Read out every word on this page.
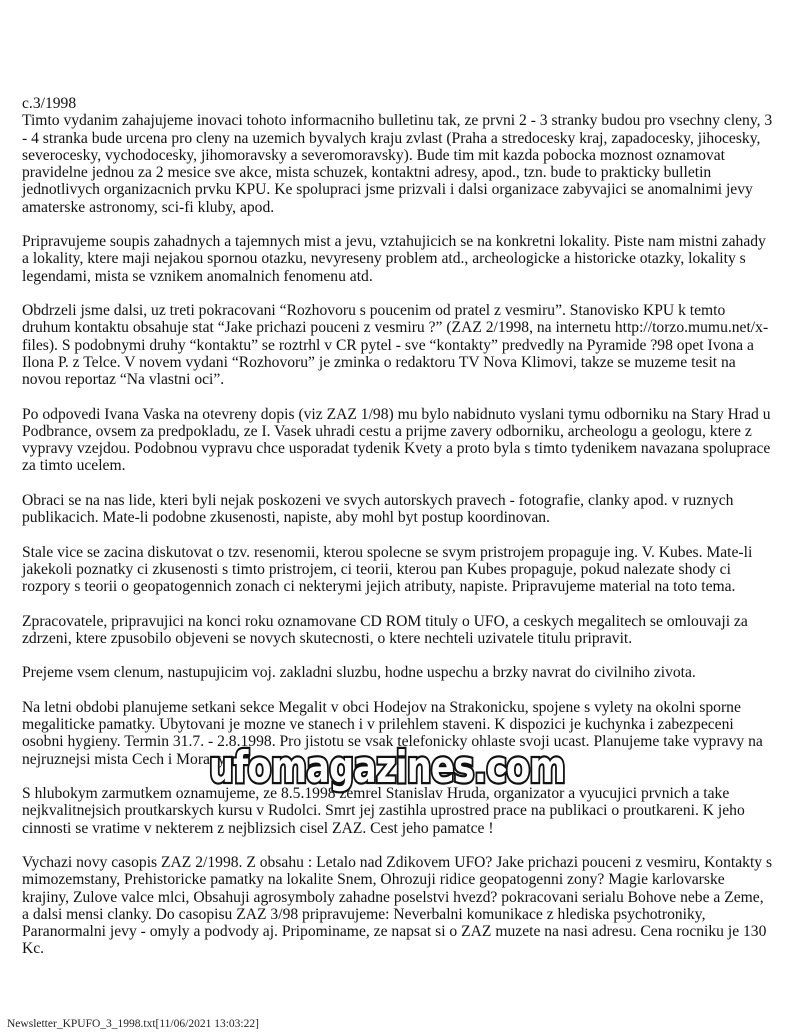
c.3/1998
Timto vydanim zahajujeme inovaci tohoto informacniho bulletinu tak, ze prvni 2 - 3 stranky budou pro vsechny cleny, 3
- 4 stranka bude urcena pro cleny na uzemich byvalych kraju zvlast (Praha a stredocesky kraj, zapadocesky, jihocesky,
severocesky, vychodocesky, jihomoravsky a severomoravsky). Bude tim mit kazda pobocka moznost oznamovat
pravidelne jednou za 2 mesice sve akce, mista schuzek, kontaktni adresy, apod., tzn. bude to prakticky bulletin
jednotlivych organizacnich prvku KPU. Ke spolupraci jsme prizvali i dalsi organizace zabyvajici se anomalnimi jevy
amaterske astronomy, sci-fi kluby, apod.
Pripravujeme soupis zahadnych a tajemnych mist a jevu, vztahujicich se na konkretni lokality. Piste nam mistni zahady
a lokality, ktere maji nejakou spornou otazku, nevyreseny problem atd., archeologicke a historicke otazky, lokality s
legendami, mista se vznikem anomalnich fenomenu atd.
Obdrzeli jsme dalsi, uz treti pokracovani “Rozhovoru s poucenim od pratel z vesmiru”. Stanovisko KPU k temto
druhum kontaktu obsahuje stat “Jake prichazi pouceni z vesmiru ?” (ZAZ 2/1998, na internetu http://torzo.mumu.net/x-
files). S podobnymi druhy “kontaktu” se roztrhl v CR pytel - sve “kontakty” predvedly na Pyramide ?98 opet Ivona a
Ilona P. z Telce. V novem vydani “Rozhovoru” je zminka o redaktoru TV Nova Klimovi, takze se muzeme tesit na
novou reportaz “Na vlastni oci”.
Po odpovedi Ivana Vaska na otevreny dopis (viz ZAZ 1/98) mu bylo nabidnuto vyslani tymu odborniku na Stary Hrad u
Podbrance, ovsem za predpokladu, ze I. Vasek uhradi cestu a prijme zavery odborniku, archeologu a geologu, ktere z
vypravy vzejdou. Podobnou vypravu chce usporadat tydenik Kvety a proto byla s timto tydenikem navazana spoluprace
za timto ucelem.
Obraci se na nas lide, kteri byli nejak poskozeni ve svych autorskych pravech - fotografie, clanky apod. v ruznych
publikacich. Mate-li podobne zkusenosti, napiste, aby mohl byt postup koordinovan.
Stale vice se zacina diskutovat o tzv. resenomii, kterou spolecne se svym pristrojem propaguje ing. V. Kubes. Mate-li
jakekoli poznatky ci zkusenosti s timto pristrojem, ci teorii, kterou pan Kubes propaguje, pokud nalezate shody ci
rozpory s teorii o geopatogennich zonach ci nekterymi jejich atributy, napiste. Pripravujeme material na toto tema.
Zpracovatele, pripravujici na konci roku oznamovane CD ROM tituly o UFO, a ceskych megalitech se omlouvaji za
zdrzeni, ktere zpusobilo objeveni se novych skutecnosti, o ktere nechteli uzivatele titulu pripravit.
Prejeme vsem clenum, nastupujicim voj. zakladni sluzbu, hodne uspechu a brzky navrat do civilniho zivota.
Na letni obdobi planujeme setkani sekce Megalit v obci Hodejov na Strakonicku, spojene s vylety na okolni sporne
megaliticke pamatky. Ubytovani je mozne ve stanech i v prilehlem staveni. K dispozici je kuchynka i zabezpeceni
osobni hygieny. Termin 31.7. - 2.8.1998. Pro jistotu se vsak telefonicky ohlaste svoji ucast. Planujeme take vypravy na
nejruznejsi mista Cech i Moravy.
S hlubokym zarmutkem oznamujeme, ze 8.5.1998 zemrel Stanislav Hruda, organizator a vyucujici prvnich a take
nejkvalitnejsich proutkarskych kursu v Rudolci. Smrt jej zastihla uprostred prace na publikaci o proutkareni. K jeho
cinnosti se vratime v nekterem z nejblizsich cisel ZAZ. Cest jeho pamatce !
Vychazi novy casopis ZAZ 2/1998. Z obsahu : Letalo nad Zdikovem UFO? Jake prichazi pouceni z vesmiru, Kontakty s
mimozemstany, Prehistoricke pamatky na lokalite Snem, Ohrozuji ridice geopatogenni zony? Magie karlovarske
krajiny, Zulove valce mlci, Obsahuji agrosymboly zahadne poselstvi hvezd? pokracovani serialu Bohove nebe a Zeme,
a dalsi mensi clanky. Do casopisu ZAZ 3/98 pripravujeme: Neverbalni komunikace z hlediska psychotroniky,
Paranormalni jevy - omyly a podvody aj. Pripominame, ze napsat si o ZAZ muzete na nasi adresu. Cena rocniku je 130
Kc.
ufomagazines.com
Newsletter_KPUFO_3_1998.txt[11/06/2021 13:03:22]
